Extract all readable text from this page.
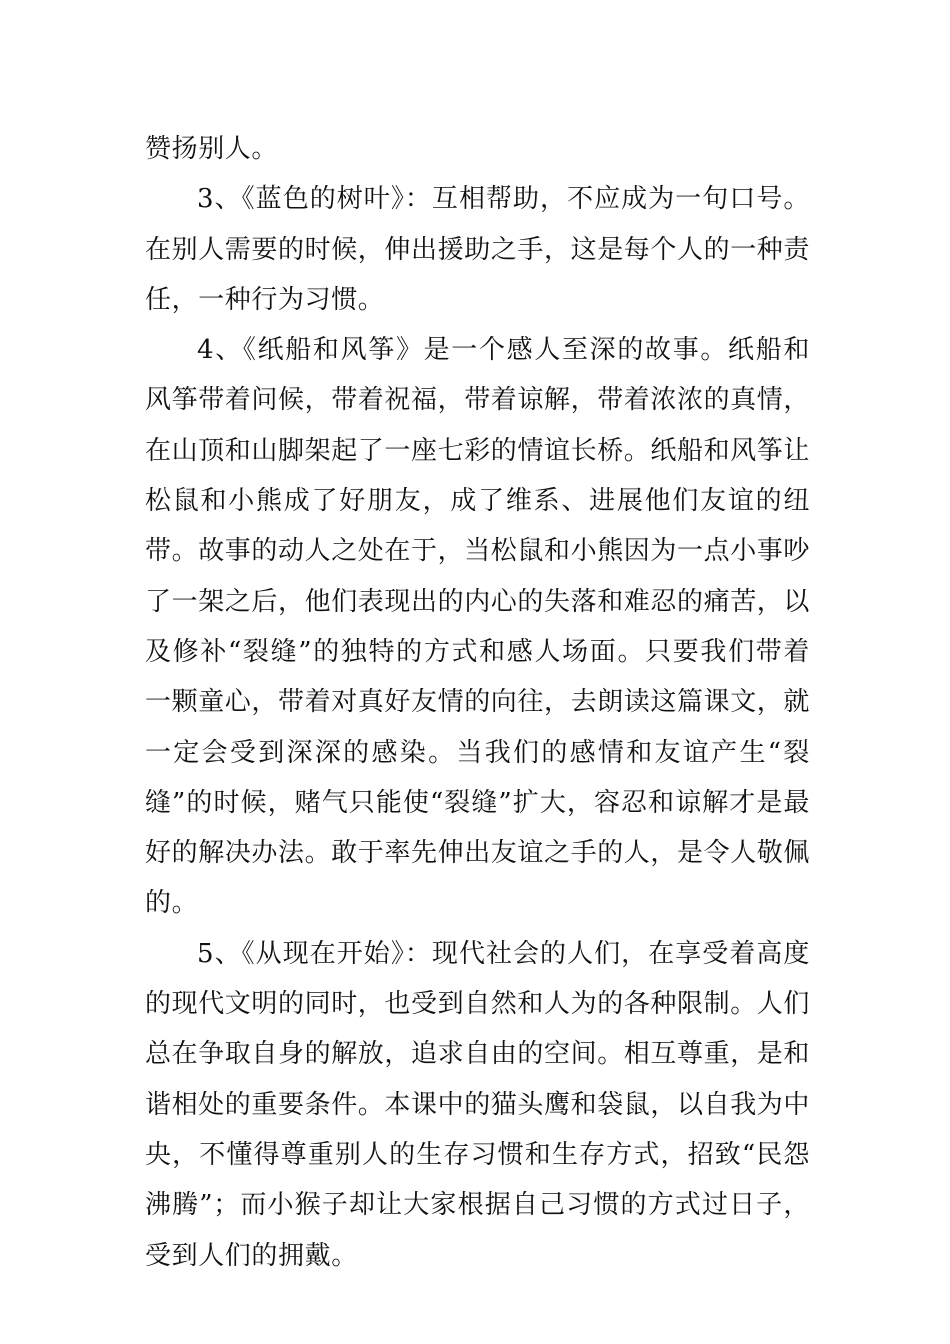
赞扬别人。

3、《蓝色的树叶》：互相帮助，不应成为一句口号。在别人需要的时候，伸出援助之手，这是每个人的一种责任，一种行为习惯。

4、《纸船和风筝》是一个感人至深的故事。纸船和风筝带着问候，带着祝福，带着谅解，带着浓浓的真情，在山顶和山脚架起了一座七彩的情谊长桥。纸船和风筝让松鼠和小熊成了好朋友，成了维系、进展他们友谊的纽带。故事的动人之处在于，当松鼠和小熊因为一点小事吵了一架之后，他们表现出的内心的失落和难忍的痛苦，以及修补“裂缝”的独特的方式和感人场面。只要我们带着一颗童心，带着对真好友情的向往，去朗读这篇课文，就一定会受到深深的感染。当我们的感情和友谊产生“裂缝”的时候，赌气只能使“裂缝”扩大，容忍和谅解才是最好的解决办法。敢于率先伸出友谊之手的人，是令人敬佩的。

5、《从现在开始》：现代社会的人们，在享受着高度的现代文明的同时，也受到自然和人为的各种限制。人们总在争取自身的解放，追求自由的空间。相互尊重，是和谐相处的重要条件。本课中的猫头鹰和袋鼠，以自我为中央，不懂得尊重别人的生存习惯和生存方式，招致“民怨沸腾”；而小猴子却让大家根据自己习惯的方式过日子，受到人们的拥戴。
